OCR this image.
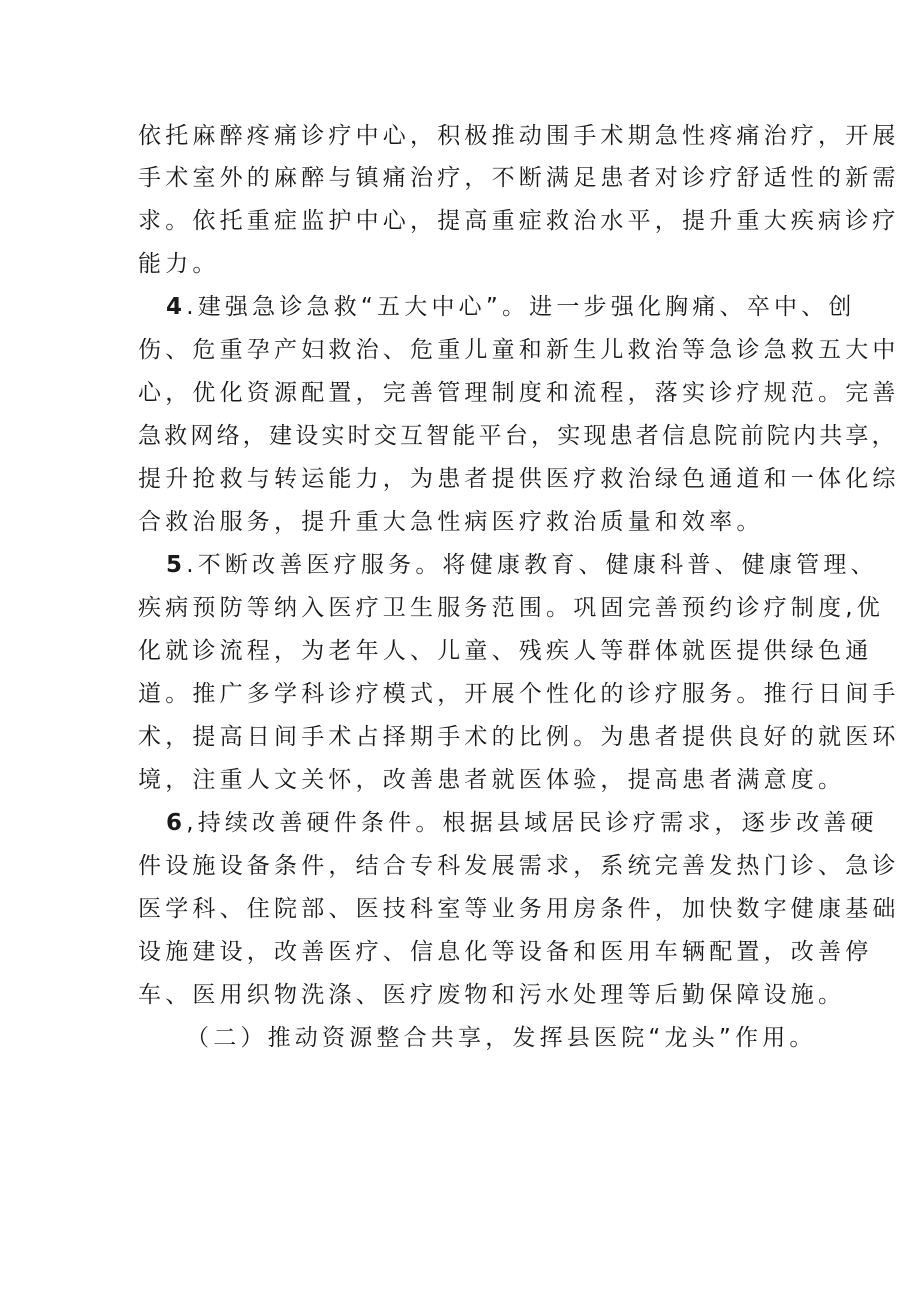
依托麻醉疼痛诊疗中心，积极推动围手术期急性疼痛治疗，开展
手术室外的麻醉与镇痛治疗，不断满足患者对诊疗舒适性的新需
求。依托重症监护中心，提高重症救治水平，提升重大疾病诊疗
能力。
4.建强急诊急救“五大中心”。进一步强化胸痛、卒中、创
伤、危重孕产妇救治、危重儿童和新生儿救治等急诊急救五大中
心，优化资源配置，完善管理制度和流程，落实诊疗规范。完善
急救网络，建设实时交互智能平台，实现患者信息院前院内共享，
提升抢救与转运能力，为患者提供医疗救治绿色通道和一体化综
合救治服务，提升重大急性病医疗救治质量和效率。
5.不断改善医疗服务。将健康教育、健康科普、健康管理、
疾病预防等纳入医疗卫生服务范围。巩固完善预约诊疗制度,优
化就诊流程，为老年人、儿童、残疾人等群体就医提供绿色通
道。推广多学科诊疗模式，开展个性化的诊疗服务。推行日间手
术，提高日间手术占择期手术的比例。为患者提供良好的就医环
境，注重人文关怀，改善患者就医体验，提高患者满意度。
6,持续改善硬件条件。根据县域居民诊疗需求，逐步改善硬
件设施设备条件，结合专科发展需求，系统完善发热门诊、急诊
医学科、住院部、医技科室等业务用房条件，加快数字健康基础
设施建设，改善医疗、信息化等设备和医用车辆配置，改善停
车、医用织物洗涤、医疗废物和污水处理等后勤保障设施。
（二）推动资源整合共享，发挥县医院“龙头”作用。
